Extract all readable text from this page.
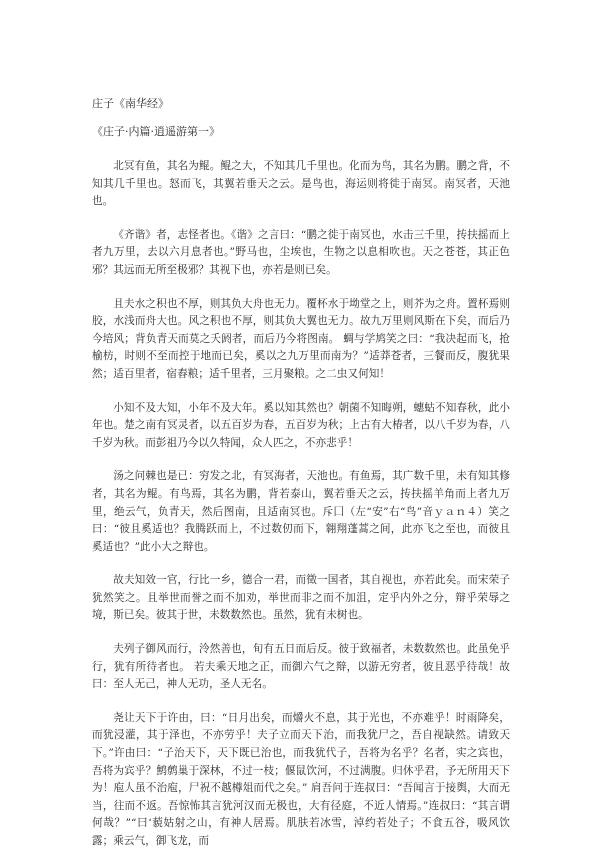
庄子《南华经》
《庄子·内篇·逍遥游第一》

北冥有鱼，其名为鲲。鲲之大，不知其几千里也。化而为鸟，其名为鹏。鹏之背，不知其几千里也。怒而飞，其翼若垂天之云。是鸟也，海运则将徙于南冥。南冥者，天池也。

《齐谐》者，志怪者也。《谐》之言曰：“鹏之徙于南冥也，水击三千里，抟扶摇而上者九万里，去以六月息者也。”野马也，尘埃也，生物之以息相吹也。天之苍苍，其正色邪？其远而无所至极邪？其视下也，亦若是则已矣。

且夫水之积也不厚，则其负大舟也无力。覆杯水于坳堂之上，则芥为之舟。置杯焉则胶，水浅而舟大也。风之积也不厚，则其负大翼也无力。故九万里则风斯在下矣，而后乃今培风；背负青天而莫之夭阏者，而后乃今将图南。 蜩与学鸠笑之曰：“我决起而飞，抢榆枋，时则不至而控于地而已矣，奚以之九万里而南为？”适莽苍者，三餐而反，腹犹果然；适百里者，宿舂粮；适千里者，三月聚粮。之二虫又何知！

小知不及大知，小年不及大年。奚以知其然也？朝菌不知晦朔，蟪蛄不知春秋，此小年也。楚之南有冥灵者，以五百岁为春，五百岁为秋；上古有大椿者，以八千岁为春，八千岁为秋。而彭祖乃今以久特闻，众人匹之，不亦悲乎！

汤之问棘也是已：穷发之北，有冥海者，天池也。有鱼焉，其广数千里，未有知其修者，其名为鲲。有鸟焉，其名为鹏，背若泰山，翼若垂天之云，抟扶摇羊角而上者九万里，绝云气，负青天，然后图南，且适南冥也。斥囗（左“安”右“鸟”音ｙａｎ４）笑之曰：“彼且奚适也？我腾跃而上，不过数仞而下，翱翔蓬蒿之间，此亦飞之至也，而彼且奚适也？”此小大之辩也。

故夫知效一官，行比一乡，德合一君，而徵一国者，其自视也，亦若此矣。而宋荣子犹然笑之。且举世而誉之而不加劝，举世而非之而不加沮，定乎内外之分，辩乎荣辱之境，斯已矣。彼其于世，未数数然也。虽然，犹有未树也。

夫列子御风而行，泠然善也，旬有五日而后反。彼于致福者，未数数然也。此虽免乎行，犹有所待者也。 若夫乘天地之正，而御六气之辩，以游无穷者，彼且恶乎待哉！故曰：至人无己，神人无功，圣人无名。

尧让天下于许由，曰：“日月出矣，而爝火不息，其于光也，不亦难乎！时雨降矣，而犹浸灌，其于泽也，不亦劳乎！夫子立而天下治，而我犹尸之，吾自视缺然。请致天下。”许由曰：“子治天下，天下既已治也，而我犹代子，吾将为名乎？名者，实之宾也，吾将为宾乎？鹪鹩巢于深林，不过一枝；偃鼠饮河，不过满腹。归休乎君，予无所用天下为！庖人虽不治庖，尸祝不越樽俎而代之矣。” 肩吾问于连叔曰：“吾闻言于接舆，大而无当，往而不返。吾惊怖其言犹河汉而无极也，大有径庭，不近人情焉。”连叔曰：“其言谓何哉？”“曰‘藐姑射之山，有神人居焉。肌肤若冰雪，淖约若处子；不食五谷，吸风饮露；乘云气，御飞龙，而
